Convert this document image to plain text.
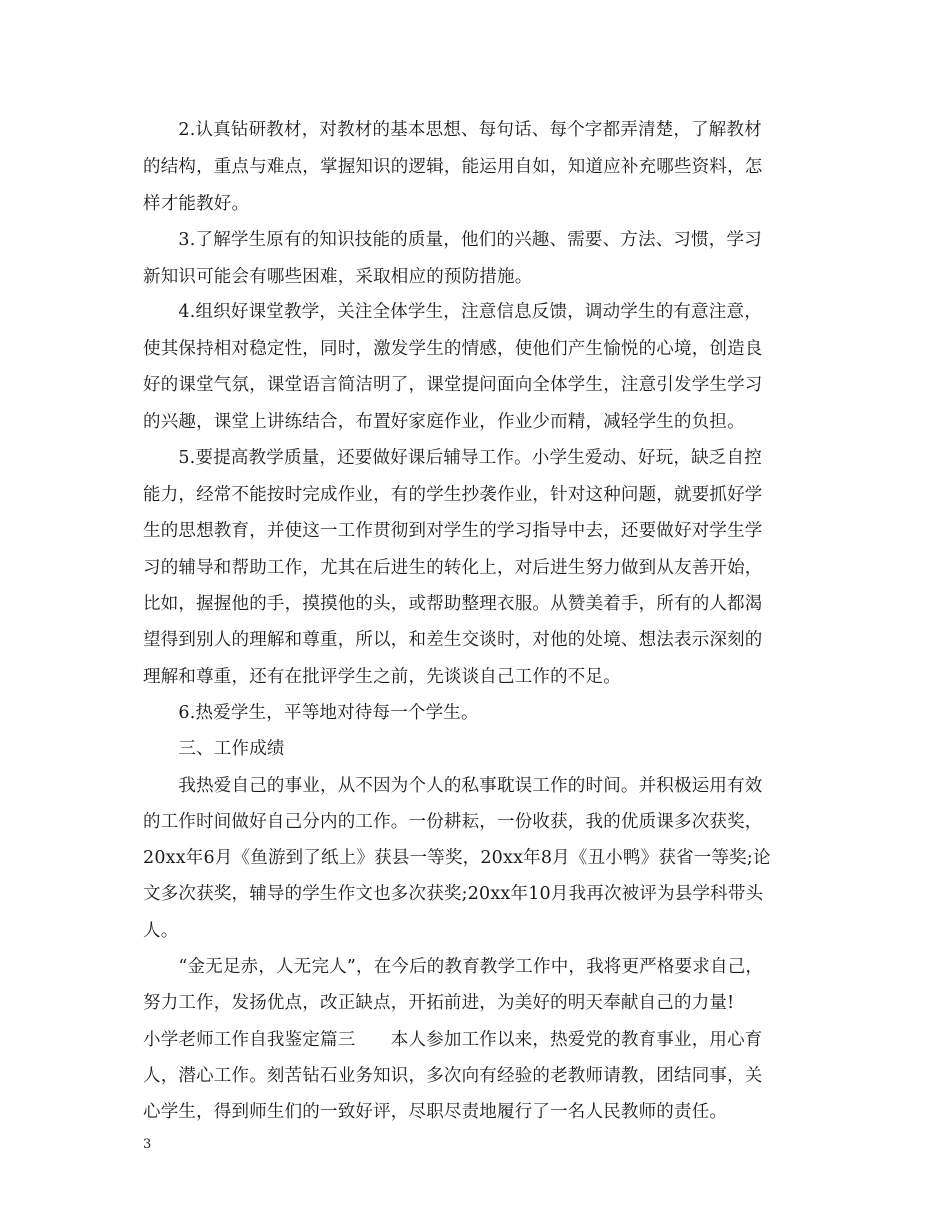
　　2.认真钻研教材，对教材的基本思想、每句话、每个字都弄清楚，了解教材
的结构，重点与难点，掌握知识的逻辑，能运用自如，知道应补充哪些资料，怎
样才能教好。
　　3.了解学生原有的知识技能的质量，他们的兴趣、需要、方法、习惯，学习
新知识可能会有哪些困难，采取相应的预防措施。
　　4.组织好课堂教学，关注全体学生，注意信息反馈，调动学生的有意注意，
使其保持相对稳定性，同时，激发学生的情感，使他们产生愉悦的心境，创造良
好的课堂气氛，课堂语言简洁明了，课堂提问面向全体学生，注意引发学生学习
的兴趣，课堂上讲练结合，布置好家庭作业，作业少而精，减轻学生的负担。
　　5.要提高教学质量，还要做好课后辅导工作。小学生爱动、好玩，缺乏自控
能力，经常不能按时完成作业，有的学生抄袭作业，针对这种问题，就要抓好学
生的思想教育，并使这一工作贯彻到对学生的学习指导中去，还要做好对学生学
习的辅导和帮助工作，尤其在后进生的转化上，对后进生努力做到从友善开始，
比如，握握他的手，摸摸他的头，或帮助整理衣服。从赞美着手，所有的人都渴
望得到别人的理解和尊重，所以，和差生交谈时，对他的处境、想法表示深刻的
理解和尊重，还有在批评学生之前，先谈谈自己工作的不足。
　　6.热爱学生，平等地对待每一个学生。
　　三、工作成绩
　　我热爱自己的事业，从不因为个人的私事耽误工作的时间。并积极运用有效
的工作时间做好自己分内的工作。一份耕耘，一份收获，我的优质课多次获奖，
20xx年6月《鱼游到了纸上》获县一等奖，20xx年8月《丑小鸭》获省一等奖;论
文多次获奖，辅导的学生作文也多次获奖;20xx年10月我再次被评为县学科带头
人。
　　“金无足赤，人无完人”，在今后的教育教学工作中，我将更严格要求自己，
努力工作，发扬优点，改正缺点，开拓前进，为美好的明天奉献自己的力量!
小学老师工作自我鉴定篇三　　本人参加工作以来，热爱党的教育事业，用心育
人，潜心工作。刻苦钻石业务知识，多次向有经验的老教师请教，团结同事，关
心学生，得到师生们的一致好评，尽职尽责地履行了一名人民教师的责任。
3
